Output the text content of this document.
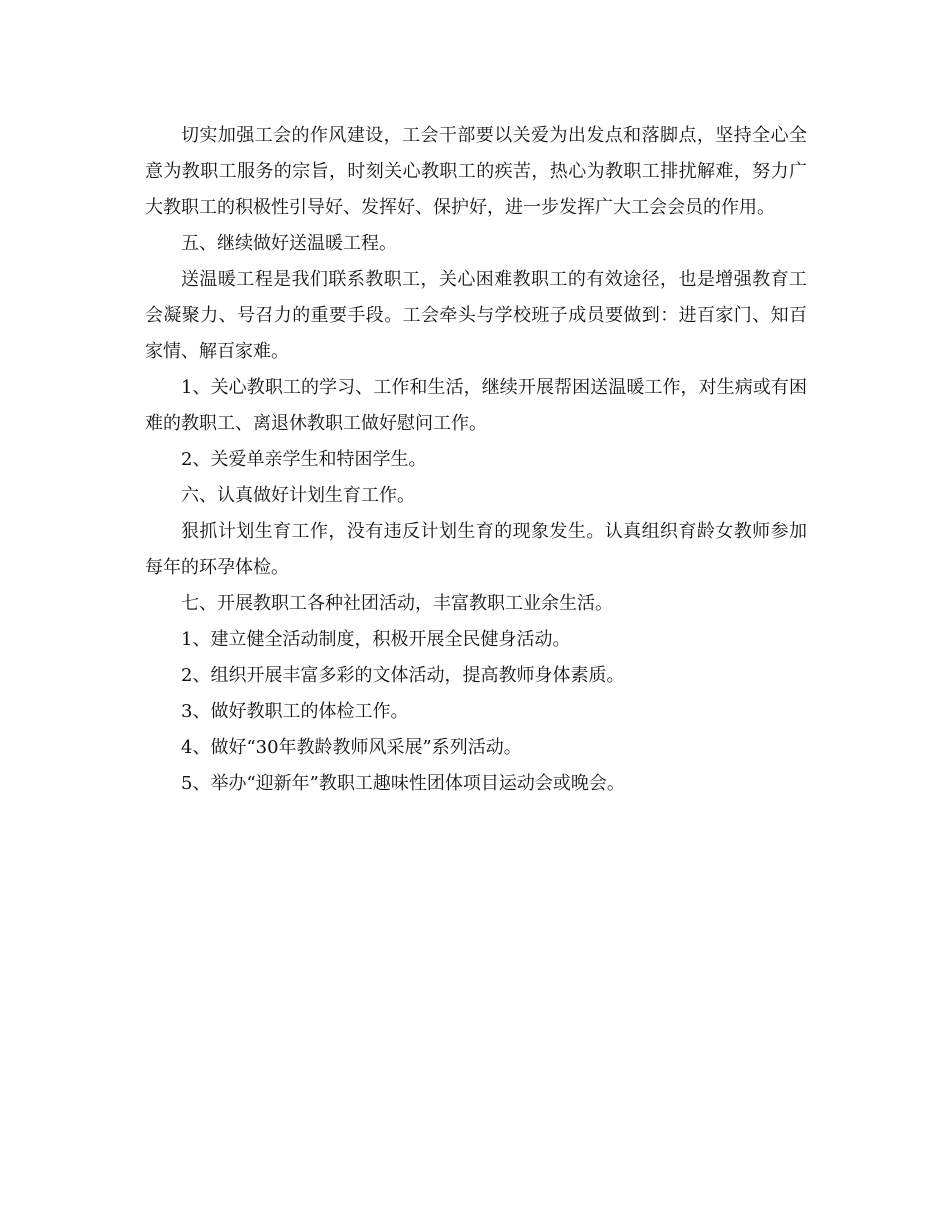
切实加强工会的作风建设，工会干部要以关爱为出发点和落脚点，坚持全心全意为教职工服务的宗旨，时刻关心教职工的疾苦，热心为教职工排扰解难，努力广大教职工的积极性引导好、发挥好、保护好，进一步发挥广大工会会员的作用。

五、继续做好送温暖工程。

送温暖工程是我们联系教职工，关心困难教职工的有效途径，也是增强教育工会凝聚力、号召力的重要手段。工会牵头与学校班子成员要做到：进百家门、知百家情、解百家难。

1、关心教职工的学习、工作和生活，继续开展帮困送温暖工作，对生病或有困难的教职工、离退休教职工做好慰问工作。

2、关爱单亲学生和特困学生。

六、认真做好计划生育工作。

狠抓计划生育工作，没有违反计划生育的现象发生。认真组织育龄女教师参加每年的环孕体检。

七、开展教职工各种社团活动，丰富教职工业余生活。

1、建立健全活动制度，积极开展全民健身活动。

2、组织开展丰富多彩的文体活动，提高教师身体素质。

3、做好教职工的体检工作。

4、做好“30年教龄教师风采展”系列活动。

5、举办“迎新年”教职工趣味性团体项目运动会或晚会。
